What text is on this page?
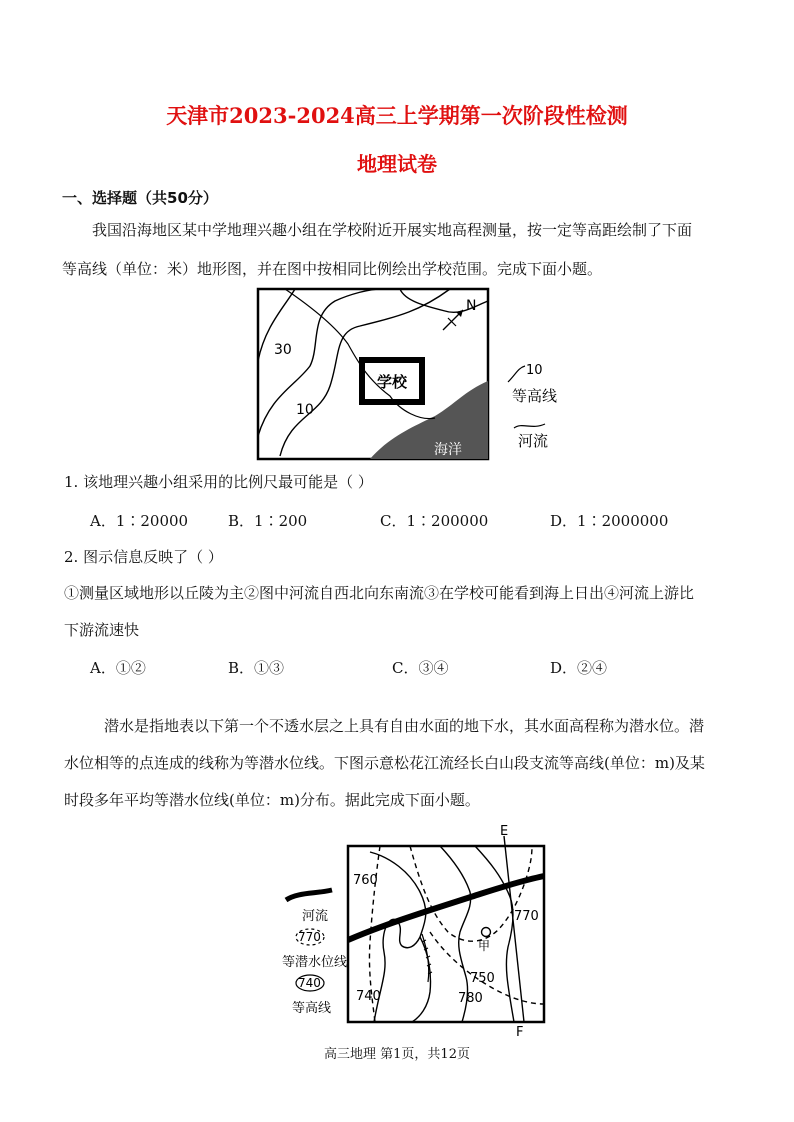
天津市2023-2024高三上学期第一次阶段性检测
地理试卷
一、选择题（共50分）
我国沿海地区某中学地理兴趣小组在学校附近开展实地高程测量，按一定等高距绘制了下面
等高线（单位：米）地形图，并在图中按相同比例绘出学校范围。完成下面小题。
学校
30
10
海洋
N
10
等高线
河流
1. 该地理兴趣小组采用的比例尺最可能是（ ）
A．1∶20000	B．1∶200	C．1∶200000	D．1∶2000000
2. 图示信息反映了（ ）
①测量区域地形以丘陵为主②图中河流自西北向东南流③在学校可能看到海上日出④河流上游比
下游流速快
A．①②	B．①③	C．③④	D．②④
潜水是指地表以下第一个不透水层之上具有自由水面的地下水，其水面高程称为潜水位。潜
水位相等的点连成的线称为等潜水位线。下图示意松花江流经长白山段支流等高线(单位：m)及某
时段多年平均等潜水位线(单位：m)分布。据此完成下面小题。
E
F
甲
760
770
750
780
740
河流
770
等潜水位线
740
等高线
高三地理 第1页，共12页
